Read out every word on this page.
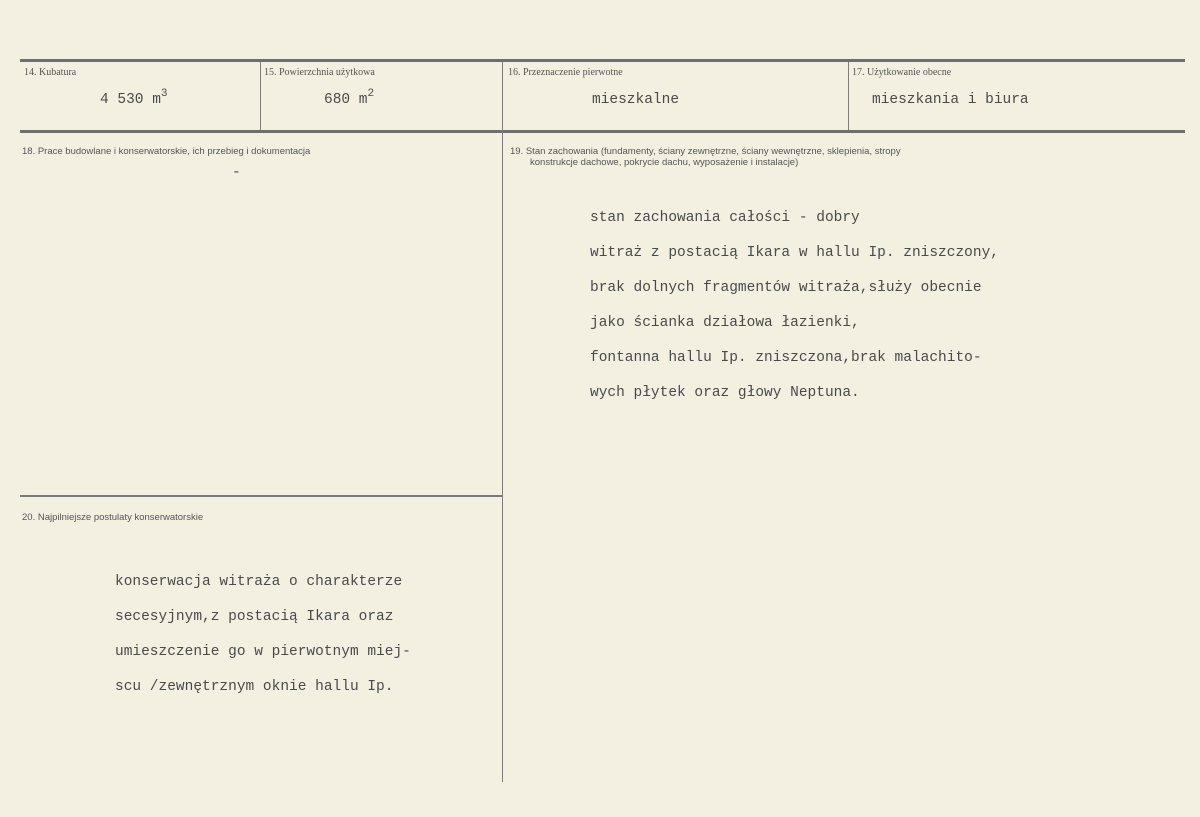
14. Kubatura
4 530 $m^3$
15. Powierzchnia użytkowa
680 $m^2$
16. Przeznaczenie pierwotne
mieszkalne
17. Użytkowanie obecne
mieszkania i biura
18. Prace budowlane i konserwatorskie, ich przebieg i dokumentacja
-
19. Stan zachowania (fundamenty, ściany zewnętrzne, ściany wewnętrzne, sklepienia, stropy
konstrukcje dachowe, pokrycie dachu, wyposażenie i instalacje)

stan zachowania całości - dobry

witraż z postacią Ikara w hallu Ip. zniszczony,

brak dolnych fragmentów witraża,służy obecnie

jako ścianka działowa łazienki,

fontanna hallu Ip. zniszczona,brak malachito-

wych płytek oraz głowy Neptuna.

20. Najpilniejsze postulaty konserwatorskie

konserwacja witraża o charakterze

secesyjnym,z postacią Ikara oraz

umieszczenie go w pierwotnym miej-

scu /zewnętrznym oknie hallu Ip.
